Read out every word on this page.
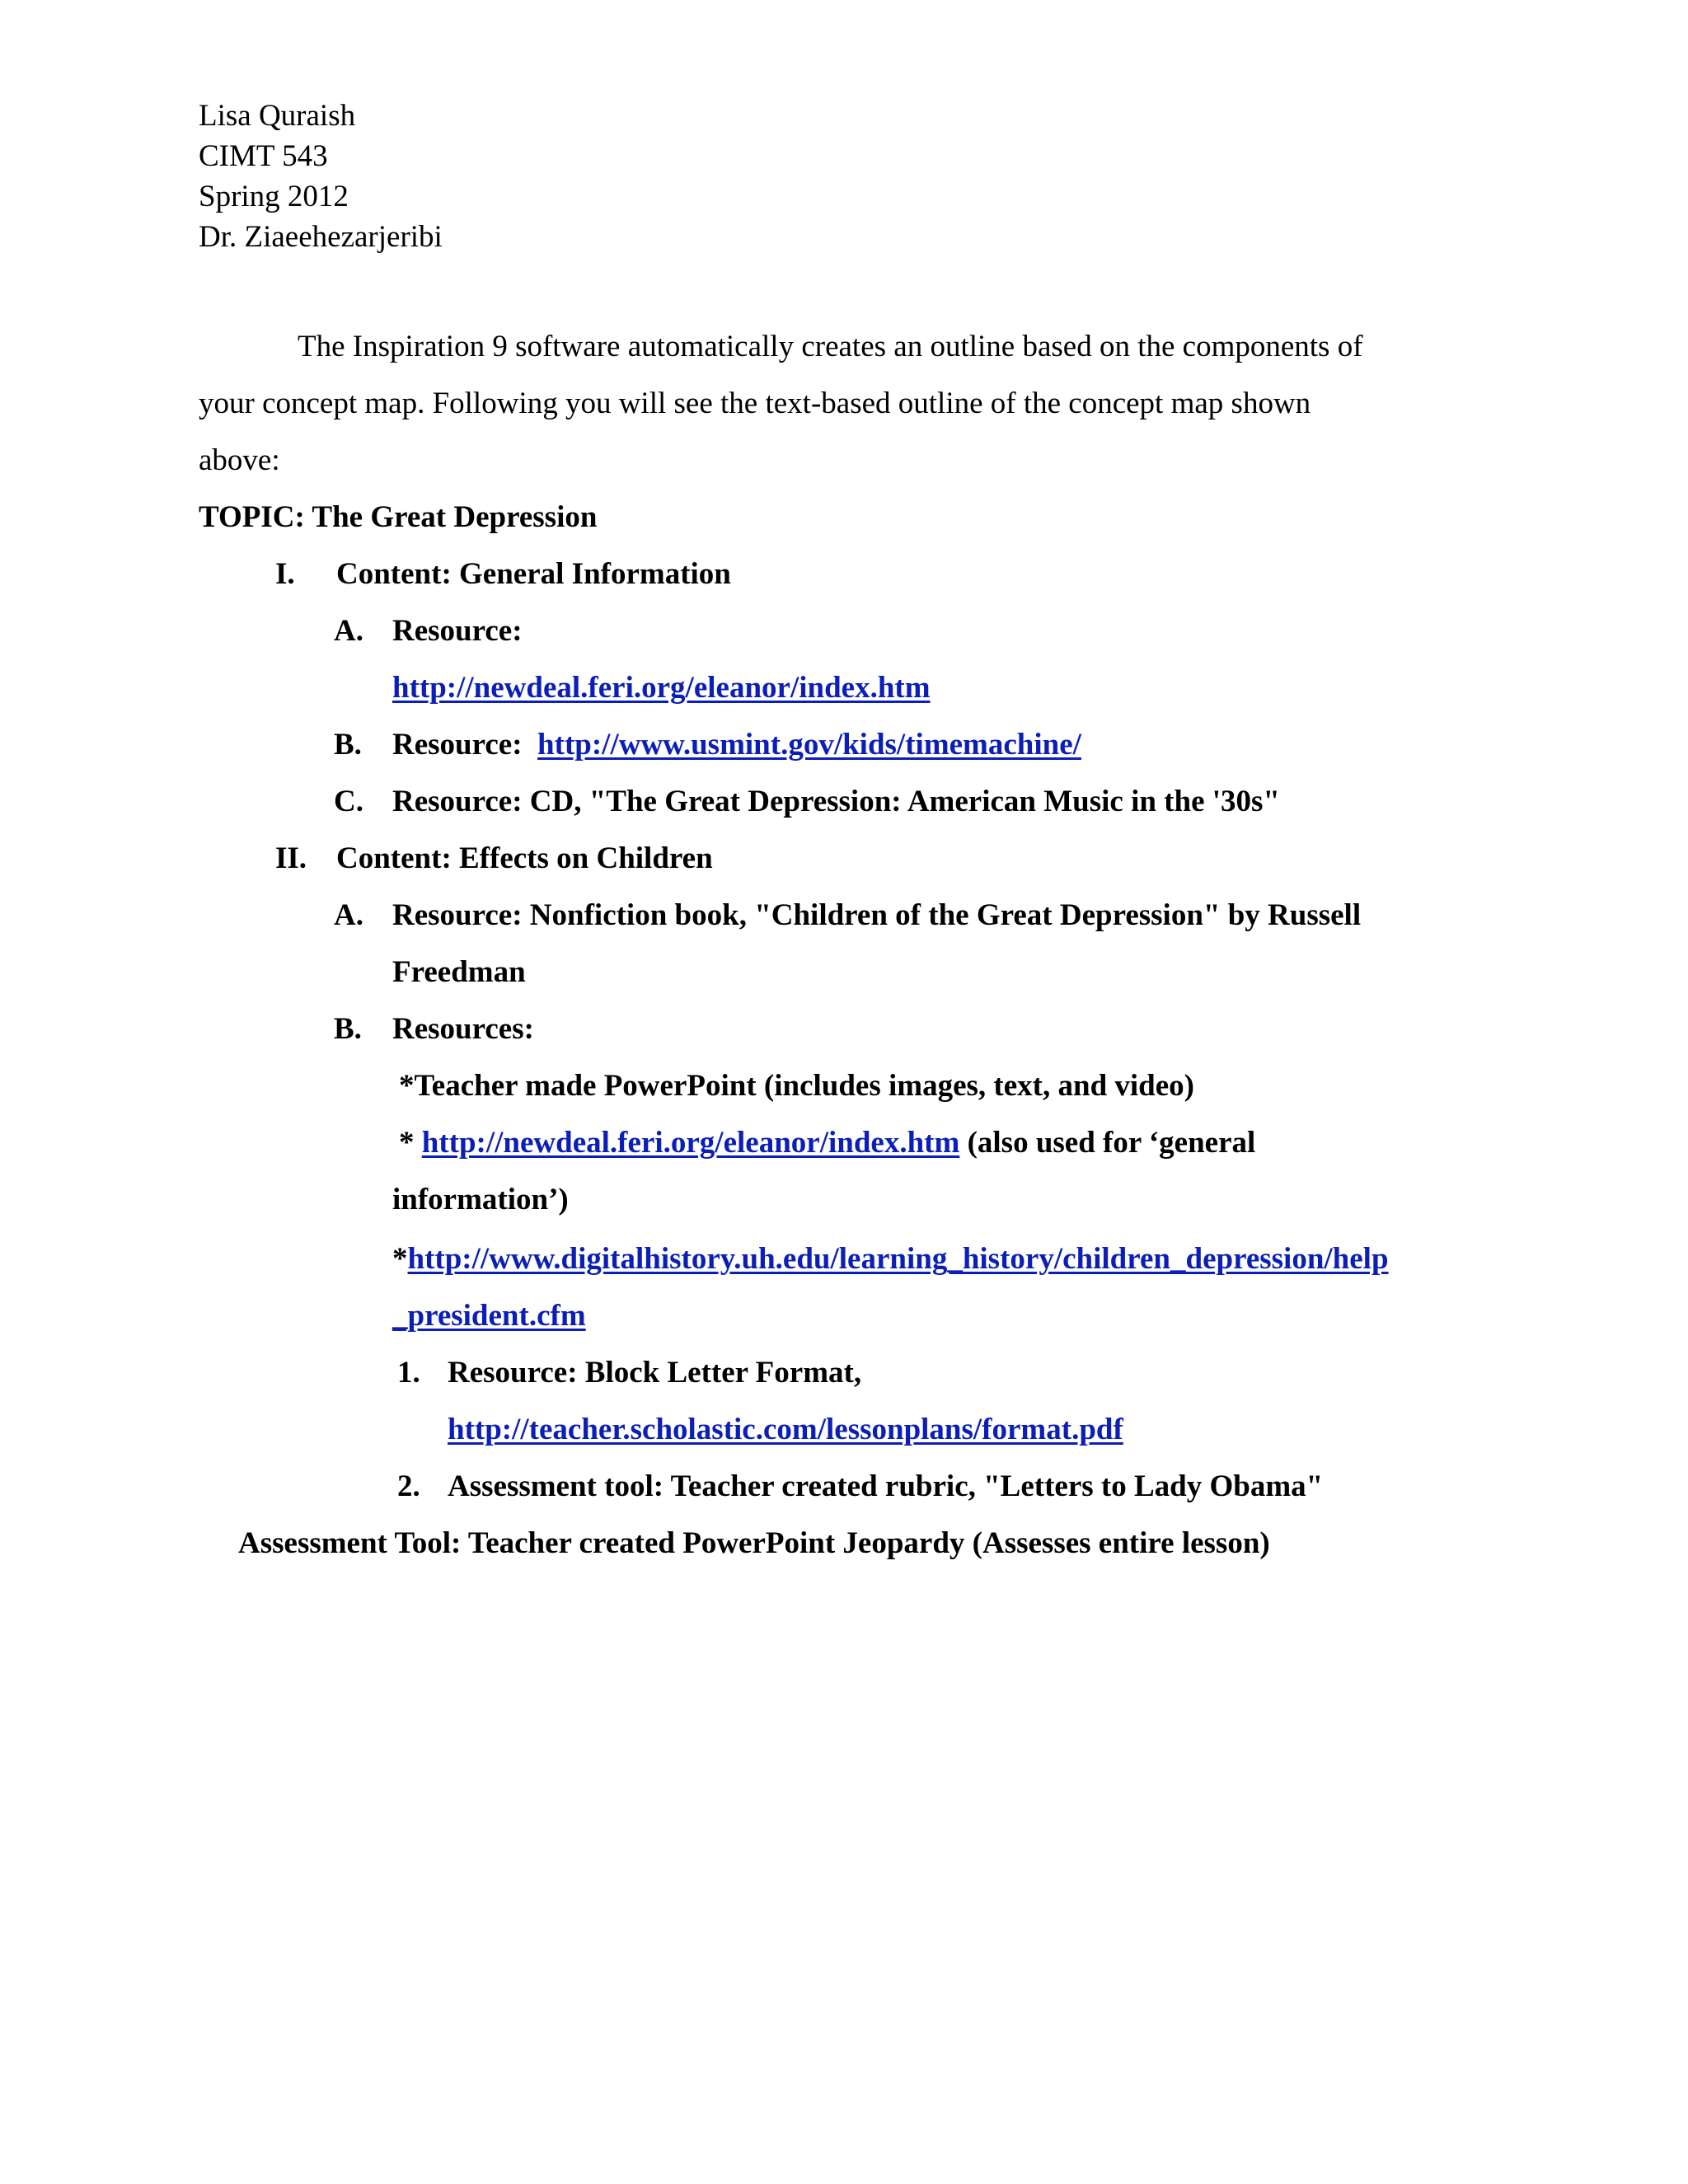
Lisa Quraish
CIMT 543
Spring 2012
Dr. Ziaeehezarjeribi
The Inspiration 9 software automatically creates an outline based on the components of
your concept map. Following you will see the text-based outline of the concept map shown
above:
TOPIC: The Great Depression
I. Content: General Information
A. Resource:
http://newdeal.feri.org/eleanor/index.htm
B. Resource: http://www.usmint.gov/kids/timemachine/
C. Resource: CD, "The Great Depression: American Music in the '30s"
II. Content: Effects on Children
A. Resource: Nonfiction book, "Children of the Great Depression" by Russell
Freedman
B. Resources:
*Teacher made PowerPoint (includes images, text, and video)
* http://newdeal.feri.org/eleanor/index.htm (also used for ‘general
information’)
*http://www.digitalhistory.uh.edu/learning_history/children_depression/help
_president.cfm
1. Resource: Block Letter Format,
http://teacher.scholastic.com/lessonplans/format.pdf
2. Assessment tool: Teacher created rubric, "Letters to Lady Obama"
Assessment Tool: Teacher created PowerPoint Jeopardy (Assesses entire lesson)
